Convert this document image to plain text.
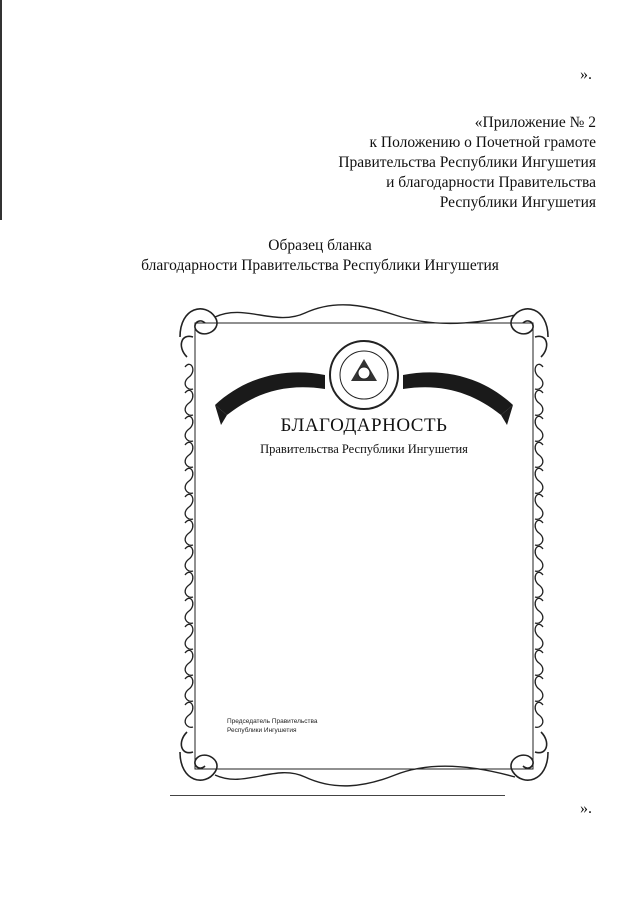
».
«Приложение № 2
к Положению о Почетной грамоте
Правительства Республики Ингушетия
и благодарности Правительства
Республики Ингушетия
Образец бланка
благодарности Правительства Республики Ингушетия
БЛАГОДАРНОСТЬ
Правительства Республики Ингушетия
Председатель Правительства
Республики Ингушетия
».
